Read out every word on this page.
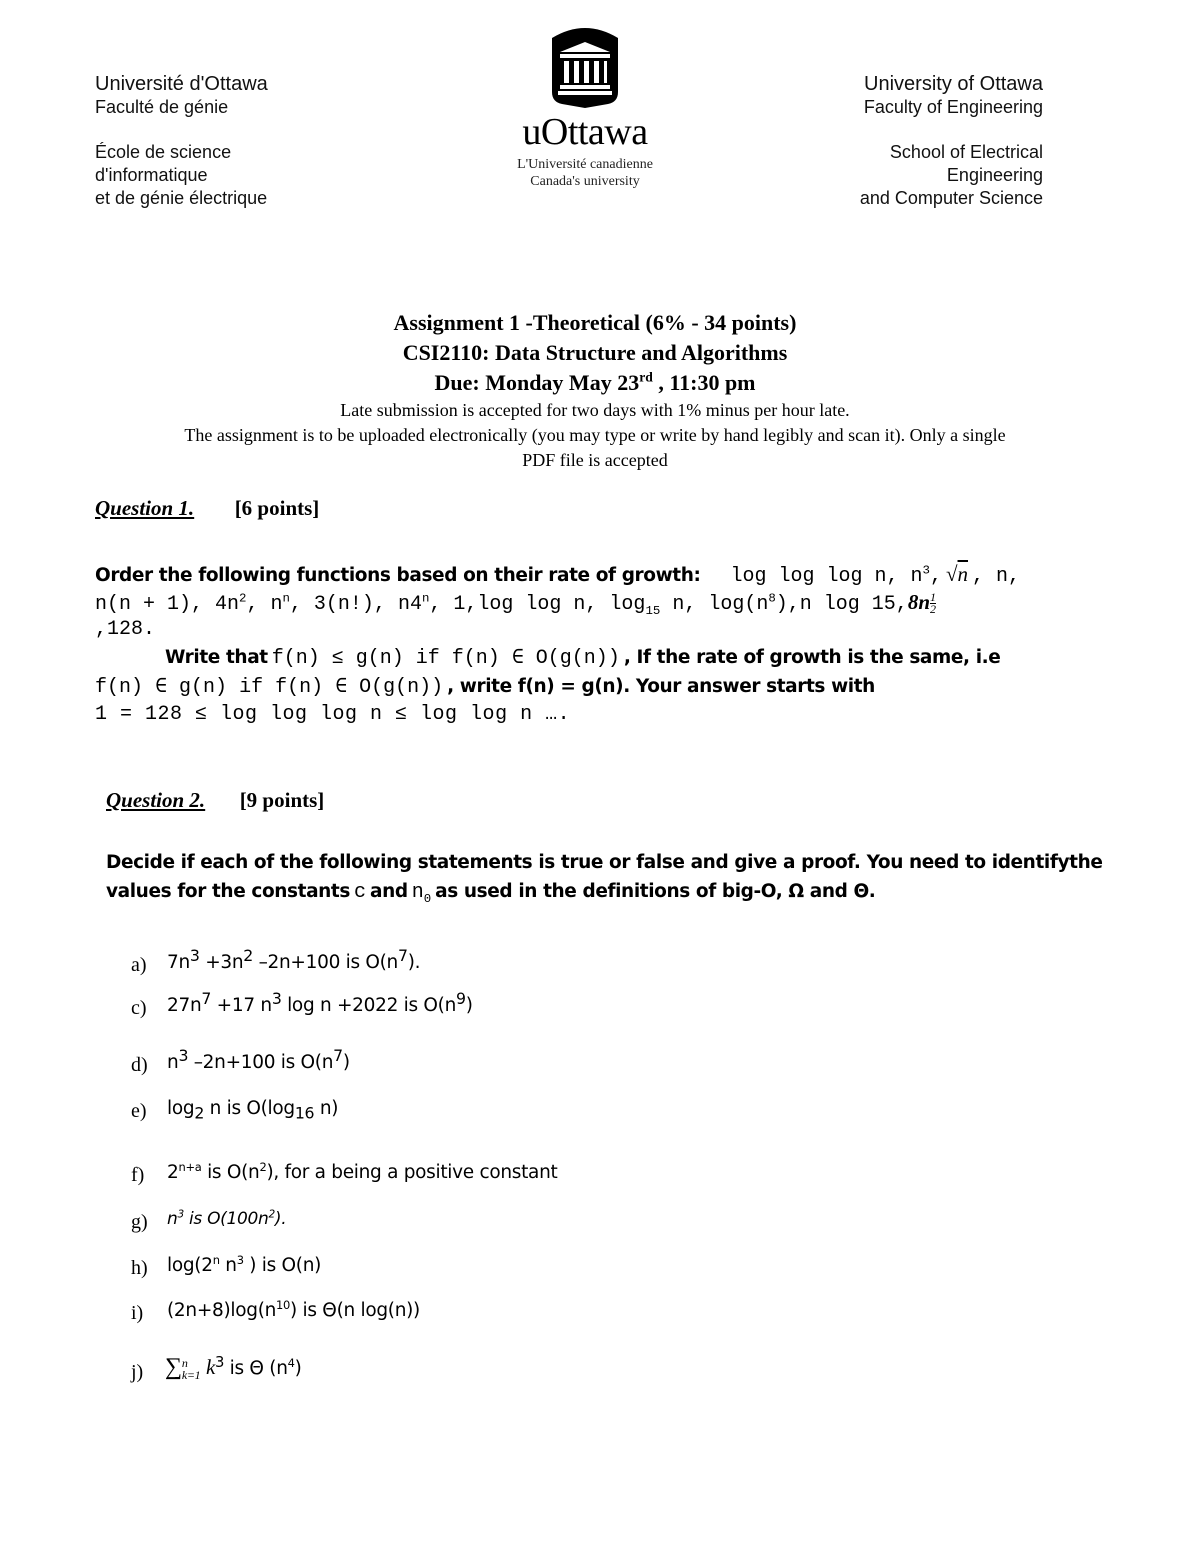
Université d'Ottawa
Faculté de génie
École de science
d'informatique
et de génie électrique
University of Ottawa
Faculty of Engineering
School of Electrical
Engineering
and Computer Science
uOttawa
L'Université canadienne
Canada's university
Assignment 1 -Theoretical (6% - 34 points)
CSI2110: Data Structure and Algorithms
Due: Monday May 23rd , 11:30 pm
Late submission is accepted for two days with 1% minus per hour late.
The assignment is to be uploaded electronically (you may type or write by hand legibly and scan it). Only a single
PDF file is accepted
Question 1. [6 points]
Order the following functions based on their rate of growth: log log log n, $n^3$, √n , n,
n(n + 1), $4n^2$, $n^n$, 3(n!), n4$^n$, 1,log log n, $\log_{15} n$, $\log(n^8),n$ $\log 15,8n \frac{1}{2}$
,128.
Write that f(n) ≤ g(n) if f(n) ∈ O(g(n)) , If the rate of growth is the same, i.e
f(n) ∈ g(n) if f(n) ∈ O(g(n)) , write f(n) = g(n). Your answer starts with
1 = 128 ≤ log log log n ≤ log log n ….
Question 2. [9 points]
Decide if each of the following statements is true or false and give a proof. You need to identifythe
values for the constants c and $n_0$ as used in the definitions of big-O, Ω and Θ.
a) $7n^3 +3n^2$ –2n+100 is $O(n^7)$.
c) $27n^7 +17$ $n^3$ log n +2022 is $O(n^9)$
d) $n^3$ –2n+100 is $O(n^7)$
e) $\log_2 n$ is $O(\log_{16}$ n)
f) $2^{n+a}$ is $O(n^2)$, for a being a positive constant
g) $n^3$ is $O(100n^2)$.
h) log(2$^n$ $n^3$ ) is O(n)
i) $(2n+8)\log(n^{10})$ is Θ(n log(n))
j) ∑ n
k=1 $k^3$ is Θ $(n^4)$
